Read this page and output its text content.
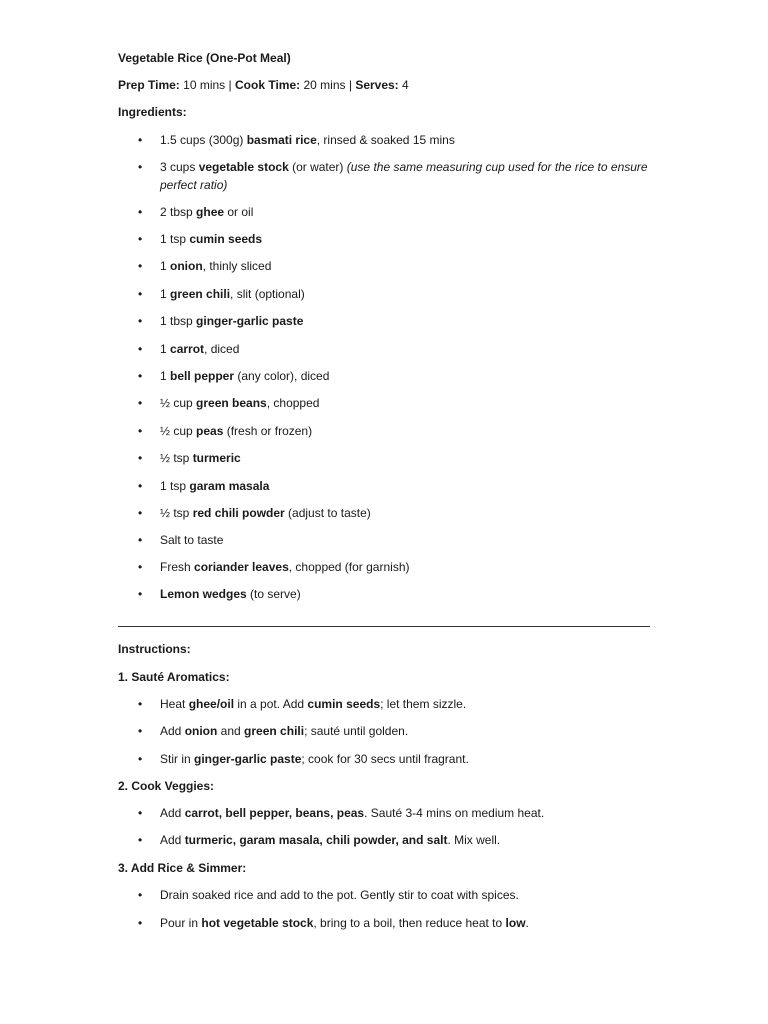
Vegetable Rice (One-Pot Meal)
Prep Time: 10 mins | Cook Time: 20 mins | Serves: 4
Ingredients:
• 1.5 cups (300g) basmati rice, rinsed & soaked 15 mins
• 3 cups vegetable stock (or water) (use the same measuring cup used for the rice to ensure perfect ratio)
• 2 tbsp ghee or oil
• 1 tsp cumin seeds
• 1 onion, thinly sliced
• 1 green chili, slit (optional)
• 1 tbsp ginger-garlic paste
• 1 carrot, diced
• 1 bell pepper (any color), diced
• ½ cup green beans, chopped
• ½ cup peas (fresh or frozen)
• ½ tsp turmeric
• 1 tsp garam masala
• ½ tsp red chili powder (adjust to taste)
• Salt to taste
• Fresh coriander leaves, chopped (for garnish)
• Lemon wedges (to serve)
Instructions:
1. Sauté Aromatics:
• Heat ghee/oil in a pot. Add cumin seeds; let them sizzle.
• Add onion and green chili; sauté until golden.
• Stir in ginger-garlic paste; cook for 30 secs until fragrant.
2. Cook Veggies:
• Add carrot, bell pepper, beans, peas. Sauté 3-4 mins on medium heat.
• Add turmeric, garam masala, chili powder, and salt. Mix well.
3. Add Rice & Simmer:
• Drain soaked rice and add to the pot. Gently stir to coat with spices.
• Pour in hot vegetable stock, bring to a boil, then reduce heat to low.
